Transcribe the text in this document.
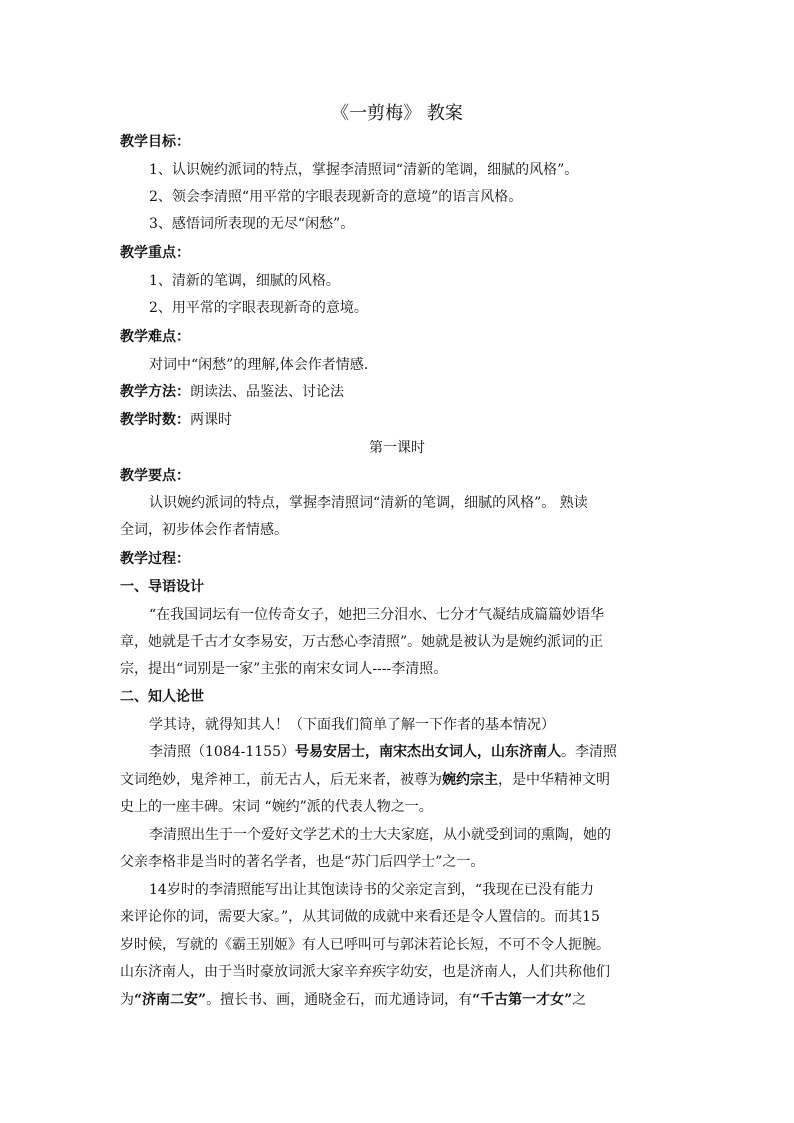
《一剪梅》 教案
教学目标：
1、认识婉约派词的特点，掌握李清照词“清新的笔调，细腻的风格”。
2、领会李清照“用平常的字眼表现新奇的意境”的语言风格。
3、感悟词所表现的无尽“闲愁”。
教学重点：
1、清新的笔调，细腻的风格。
2、用平常的字眼表现新奇的意境。
教学难点：
对词中“闲愁”的理解,体会作者情感.
教学方法：朗读法、品鉴法、讨论法
教学时数：两课时
第一课时
教学要点：
认识婉约派词的特点，掌握李清照词“清新的笔调，细腻的风格”。 熟读
全词，初步体会作者情感。
教学过程：
一、导语设计
“在我国词坛有一位传奇女子，她把三分泪水、七分才气凝结成篇篇妙语华
章，她就是千古才女李易安，万古愁心李清照”。她就是被认为是婉约派词的正
宗，提出“词别是一家”主张的南宋女词人----李清照。
二、知人论世
学其诗，就得知其人！（下面我们简单了解一下作者的基本情况）
李清照（1084-1155）号易安居士，南宋杰出女词人，山东济南人。李清照
文词绝妙，鬼斧神工，前无古人，后无来者，被尊为婉约宗主，是中华精神文明
史上的一座丰碑。宋词 “婉约”派的代表人物之一。
李清照出生于一个爱好文学艺术的士大夫家庭，从小就受到词的熏陶，她的
父亲李格非是当时的著名学者，也是“苏门后四学士”之一。
14岁时的李清照能写出让其饱读诗书的父亲定言到，“我现在已没有能力
来评论你的词，需要大家。”，从其词做的成就中来看还是令人置信的。而其15
岁时候，写就的《霸王别姬》有人已呼叫可与郭沫若论长短，不可不令人扼腕。
山东济南人，由于当时豪放词派大家辛弃疾字幼安，也是济南人，人们共称他们
为“济南二安”。擅长书、画，通晓金石，而尤通诗词，有“千古第一才女”之
